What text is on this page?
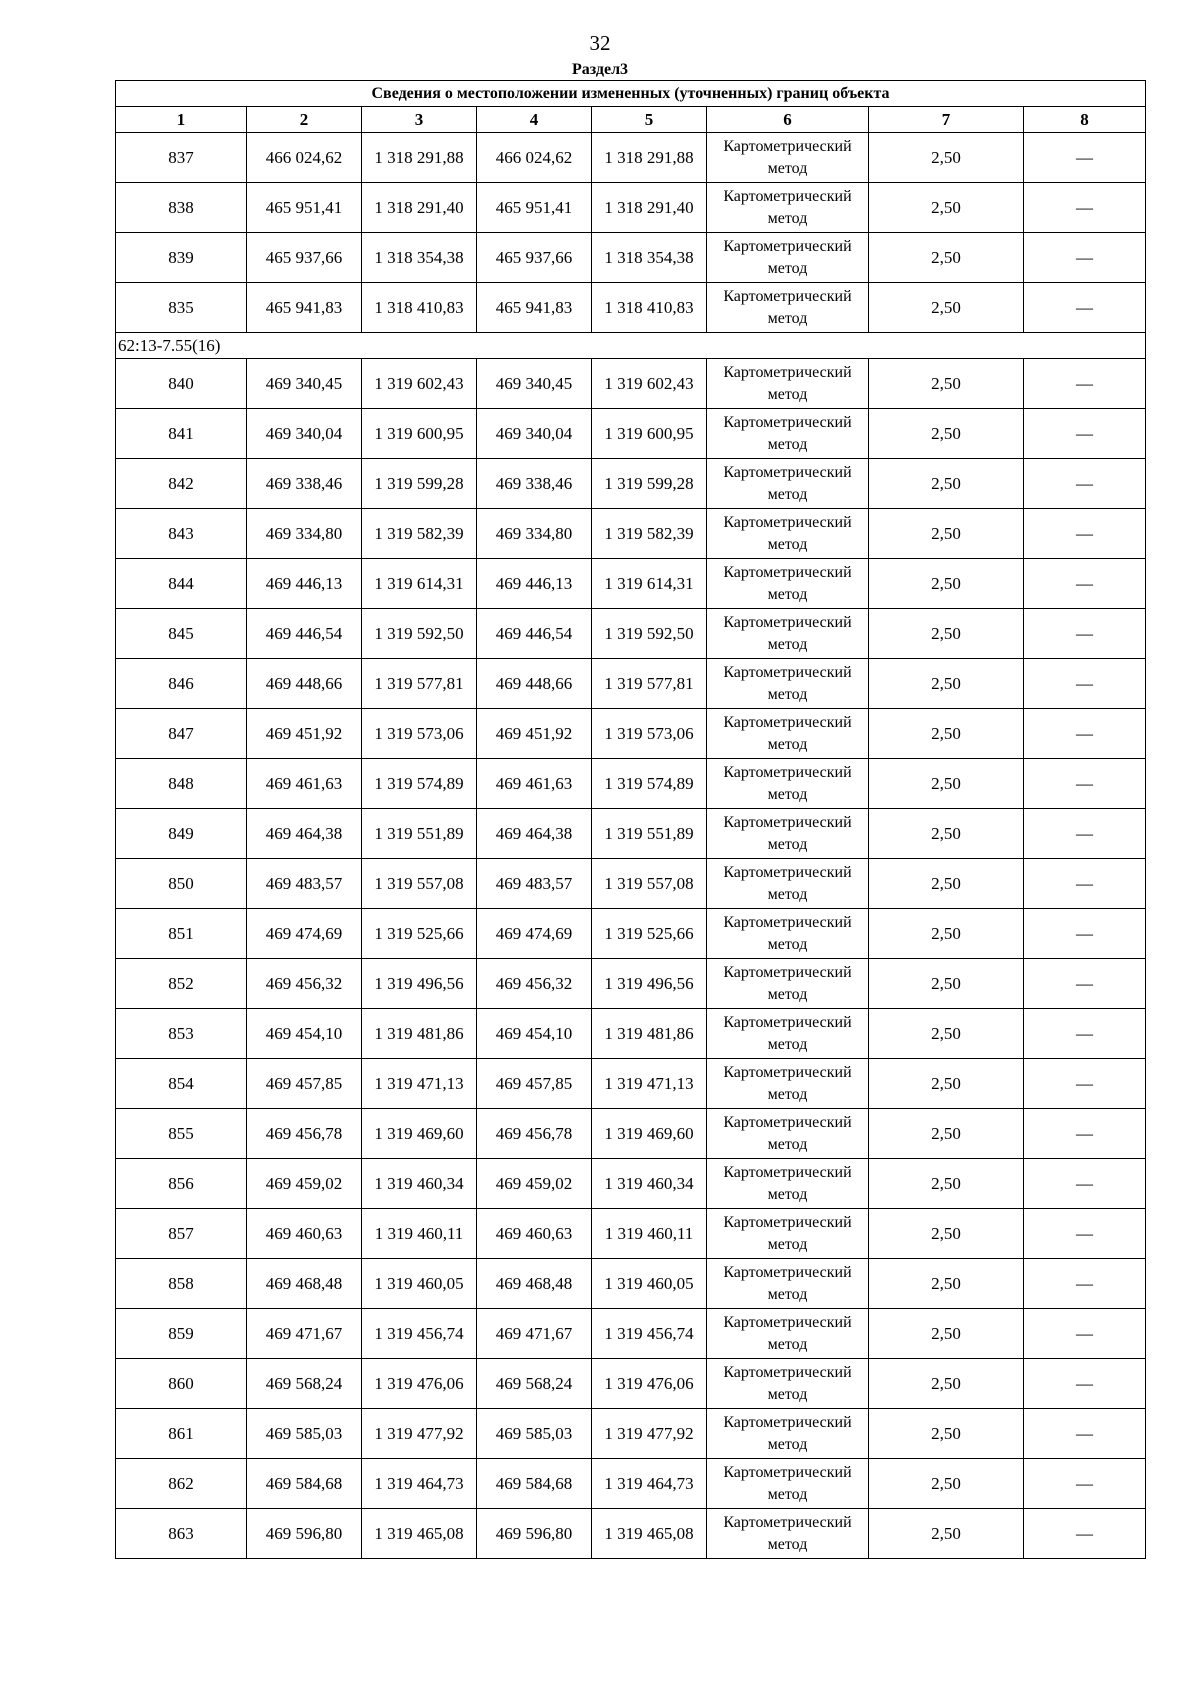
32
Раздел3
Сведения о местоположении измененных (уточненных) границ объекта							
1	2	3	4	5	6	7	8
837	466 024,62	1 318 291,88	466 024,62	1 318 291,88	Картометрический метод	2,50	—
838	465 951,41	1 318 291,40	465 951,41	1 318 291,40	Картометрический метод	2,50	—
839	465 937,66	1 318 354,38	465 937,66	1 318 354,38	Картометрический метод	2,50	—
835	465 941,83	1 318 410,83	465 941,83	1 318 410,83	Картометрический метод	2,50	—
62:13-7.55(16)							
840	469 340,45	1 319 602,43	469 340,45	1 319 602,43	Картометрический метод	2,50	—
841	469 340,04	1 319 600,95	469 340,04	1 319 600,95	Картометрический метод	2,50	—
842	469 338,46	1 319 599,28	469 338,46	1 319 599,28	Картометрический метод	2,50	—
843	469 334,80	1 319 582,39	469 334,80	1 319 582,39	Картометрический метод	2,50	—
844	469 446,13	1 319 614,31	469 446,13	1 319 614,31	Картометрический метод	2,50	—
845	469 446,54	1 319 592,50	469 446,54	1 319 592,50	Картометрический метод	2,50	—
846	469 448,66	1 319 577,81	469 448,66	1 319 577,81	Картометрический метод	2,50	—
847	469 451,92	1 319 573,06	469 451,92	1 319 573,06	Картометрический метод	2,50	—
848	469 461,63	1 319 574,89	469 461,63	1 319 574,89	Картометрический метод	2,50	—
849	469 464,38	1 319 551,89	469 464,38	1 319 551,89	Картометрический метод	2,50	—
850	469 483,57	1 319 557,08	469 483,57	1 319 557,08	Картометрический метод	2,50	—
851	469 474,69	1 319 525,66	469 474,69	1 319 525,66	Картометрический метод	2,50	—
852	469 456,32	1 319 496,56	469 456,32	1 319 496,56	Картометрический метод	2,50	—
853	469 454,10	1 319 481,86	469 454,10	1 319 481,86	Картометрический метод	2,50	—
854	469 457,85	1 319 471,13	469 457,85	1 319 471,13	Картометрический метод	2,50	—
855	469 456,78	1 319 469,60	469 456,78	1 319 469,60	Картометрический метод	2,50	—
856	469 459,02	1 319 460,34	469 459,02	1 319 460,34	Картометрический метод	2,50	—
857	469 460,63	1 319 460,11	469 460,63	1 319 460,11	Картометрический метод	2,50	—
858	469 468,48	1 319 460,05	469 468,48	1 319 460,05	Картометрический метод	2,50	—
859	469 471,67	1 319 456,74	469 471,67	1 319 456,74	Картометрический метод	2,50	—
860	469 568,24	1 319 476,06	469 568,24	1 319 476,06	Картометрический метод	2,50	—
861	469 585,03	1 319 477,92	469 585,03	1 319 477,92	Картометрический метод	2,50	—
862	469 584,68	1 319 464,73	469 584,68	1 319 464,73	Картометрический метод	2,50	—
863	469 596,80	1 319 465,08	469 596,80	1 319 465,08	Картометрический метод	2,50	—
